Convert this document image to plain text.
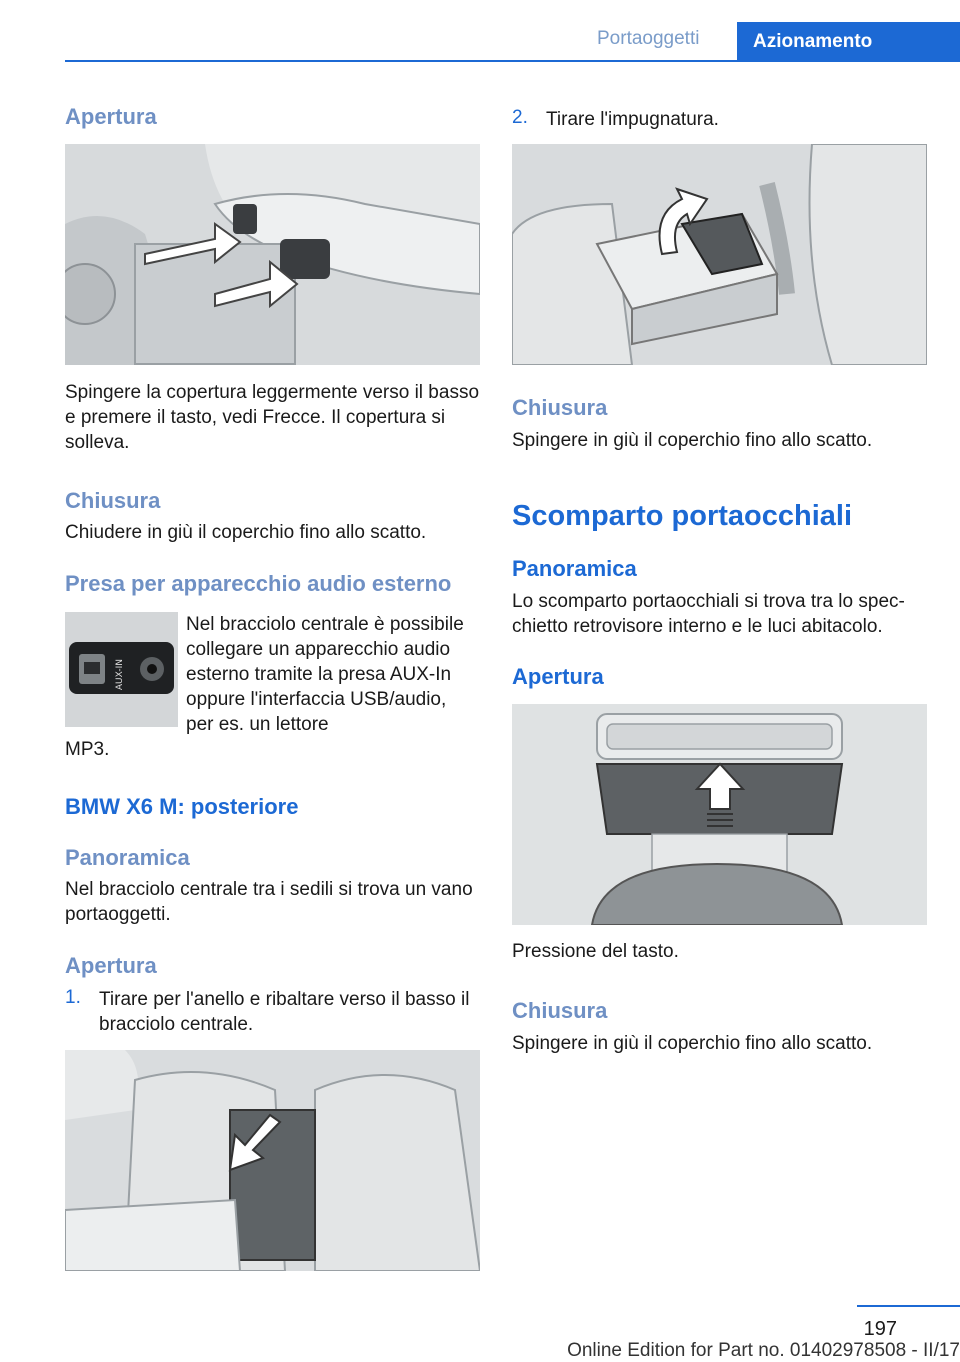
Portaoggetti	Azionamento
Apertura

Spingere la copertura leggermente verso il basso e premere il tasto, vedi Frecce. Il copertura si solleva.

Chiusura

Chiudere in giù il coperchio fino allo scatto.

Presa per apparecchio audio esterno
AUX-IN

Nel bracciolo centrale è possibile collegare un apparecchio audio esterno tramite la presa AUX-In oppure l'interfaccia USB/audio, per es. un lettore

MP3.

BMW X6 M: posteriore
Panoramica

Nel bracciolo centrale tra i sedili si trova un vano portaoggetti.

Apertura
1. Tirare per l'anello e ribaltare verso il basso il bracciolo centrale.

2. Tirare l'impugnatura.

Chiusura

Spingere in giù il coperchio fino allo scatto.

Scomparto portaocchiali
Panoramica

Lo scomparto portaocchiali si trova tra lo specchietto retrovisore interno e le luci abitacolo.

Apertura

Pressione del tasto.

Chiusura

Spingere in giù il coperchio fino allo scatto.

197
Online Edition for Part no. 01402978508 - II/17
